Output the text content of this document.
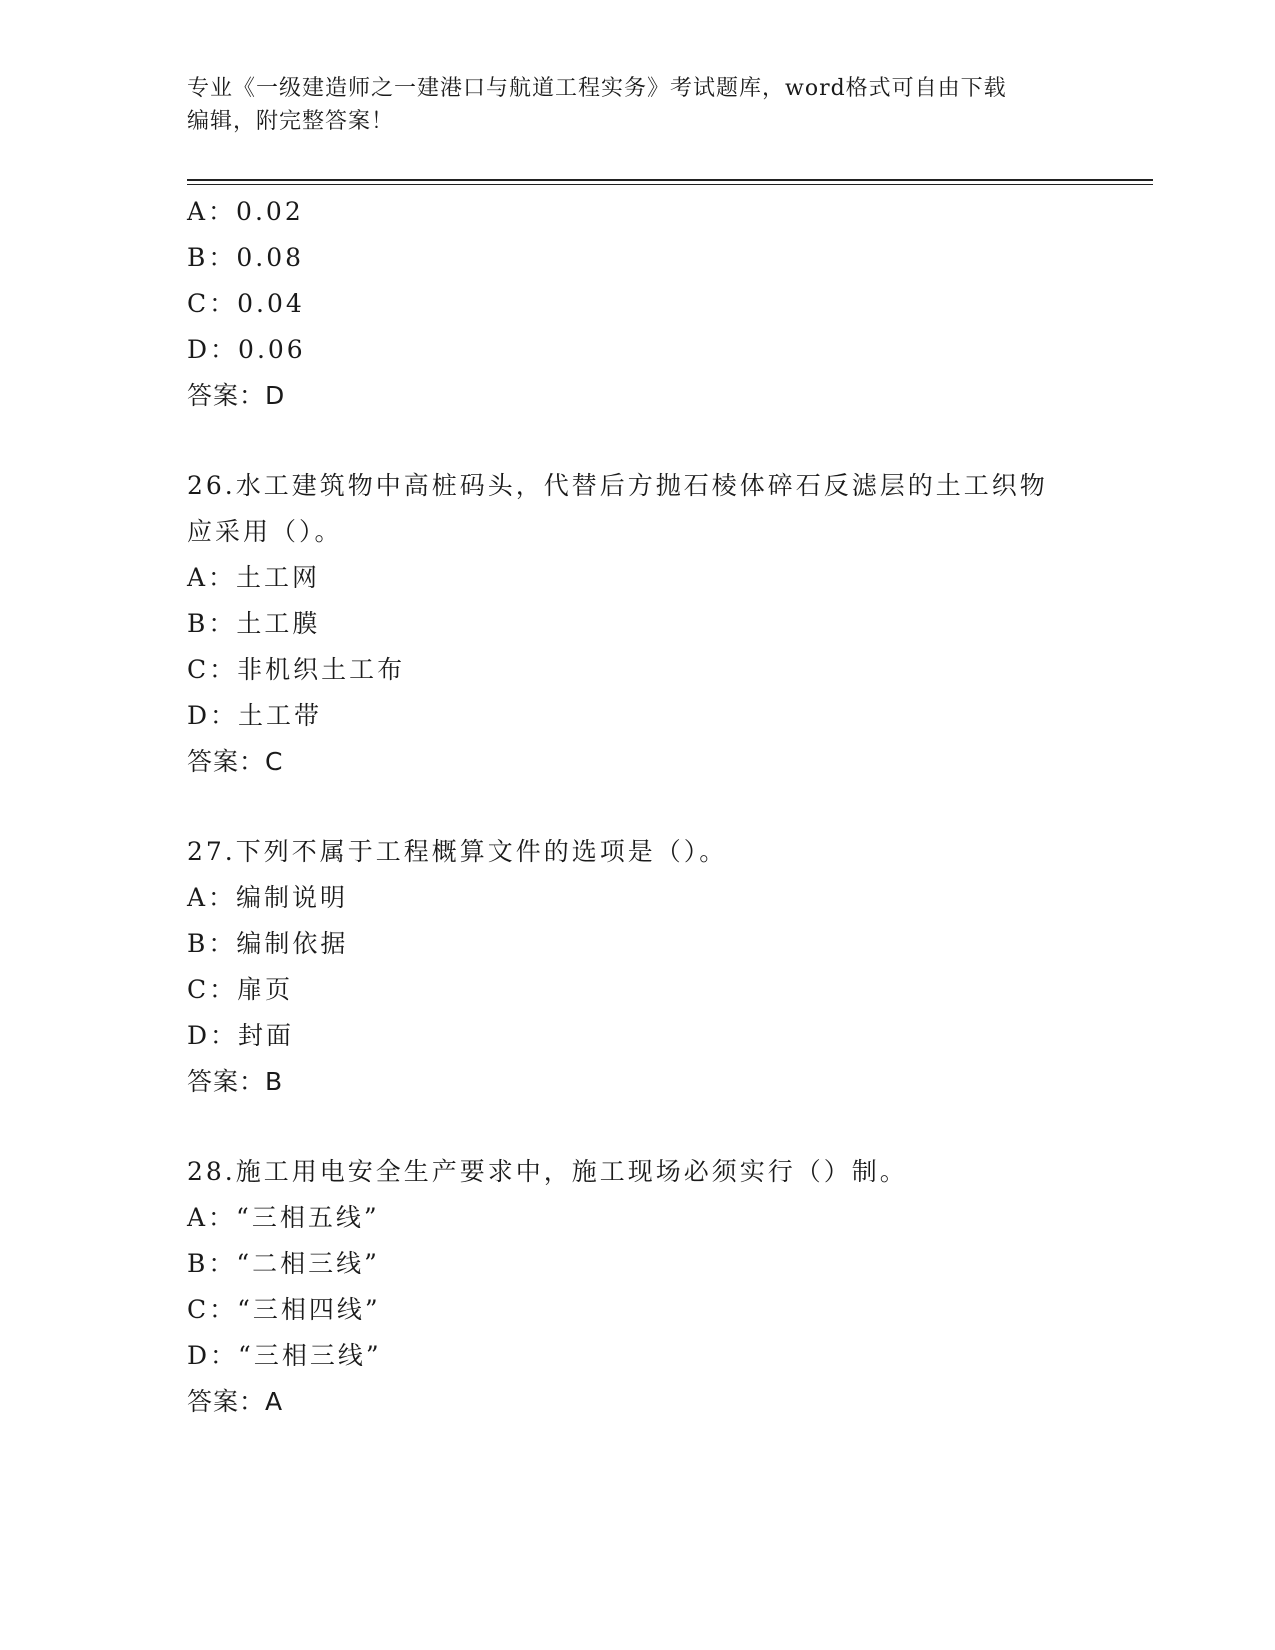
专业《一级建造师之一建港口与航道工程实务》考试题库，word格式可自由下载
编辑，附完整答案！
A：0.02
B：0.08
C：0.04
D：0.06
答案：D
26.水工建筑物中高桩码头，代替后方抛石棱体碎石反滤层的土工织物
应采用（）。
A：土工网
B：土工膜
C：非机织土工布
D：土工带
答案：C
27.下列不属于工程概算文件的选项是（）。
A：编制说明
B：编制依据
C：扉页
D：封面
答案：B
28.施工用电安全生产要求中，施工现场必须实行（）制。
A：“三相五线”
B：“二相三线”
C：“三相四线”
D：“三相三线”
答案：A
